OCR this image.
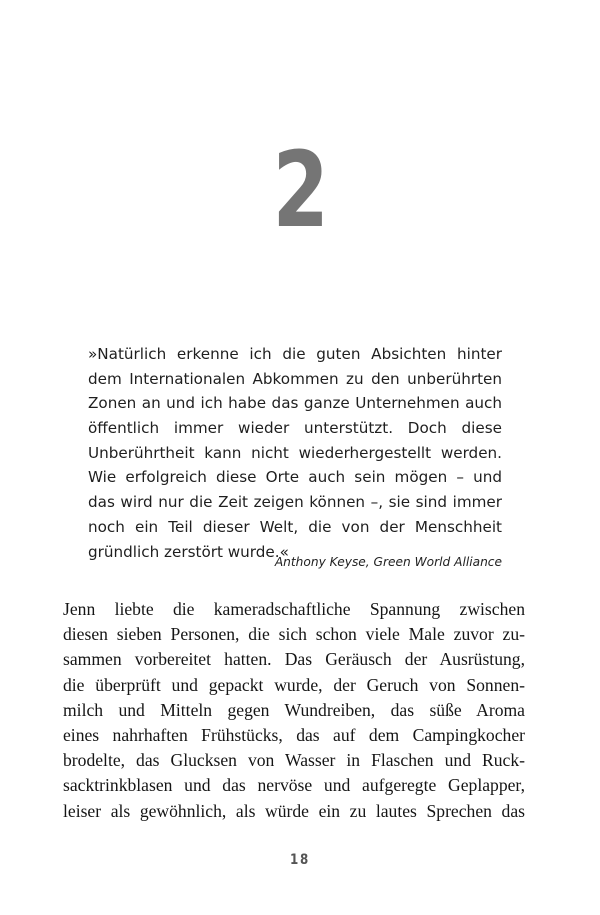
2
»Natürlich erkenne ich die guten Absichten hinter
dem Internationalen Abkommen zu den unberührten
Zonen an und ich habe das ganze Unternehmen auch
öffentlich immer wieder unterstützt. Doch diese
Unberührtheit kann nicht wiederhergestellt werden.
Wie erfolgreich diese Orte auch sein mögen – und
das wird nur die Zeit zeigen können –, sie sind immer
noch ein Teil dieser Welt, die von der Menschheit
gründlich zerstört wurde.«
Anthony Keyse, Green World Alliance
Jenn liebte die kameradschaftliche Spannung zwischen
diesen sieben Personen, die sich schon viele Male zuvor zu-
sammen vorbereitet hatten. Das Geräusch der Ausrüstung,
die überprüft und gepackt wurde, der Geruch von Sonnen-
milch und Mitteln gegen Wundreiben, das süße Aroma
eines nahrhaften Frühstücks, das auf dem Campingkocher
brodelte, das Glucksen von Wasser in Flaschen und Ruck-
sacktrinkblasen und das nervöse und aufgeregte Geplapper,
leiser als gewöhnlich, als würde ein zu lautes Sprechen das
18
